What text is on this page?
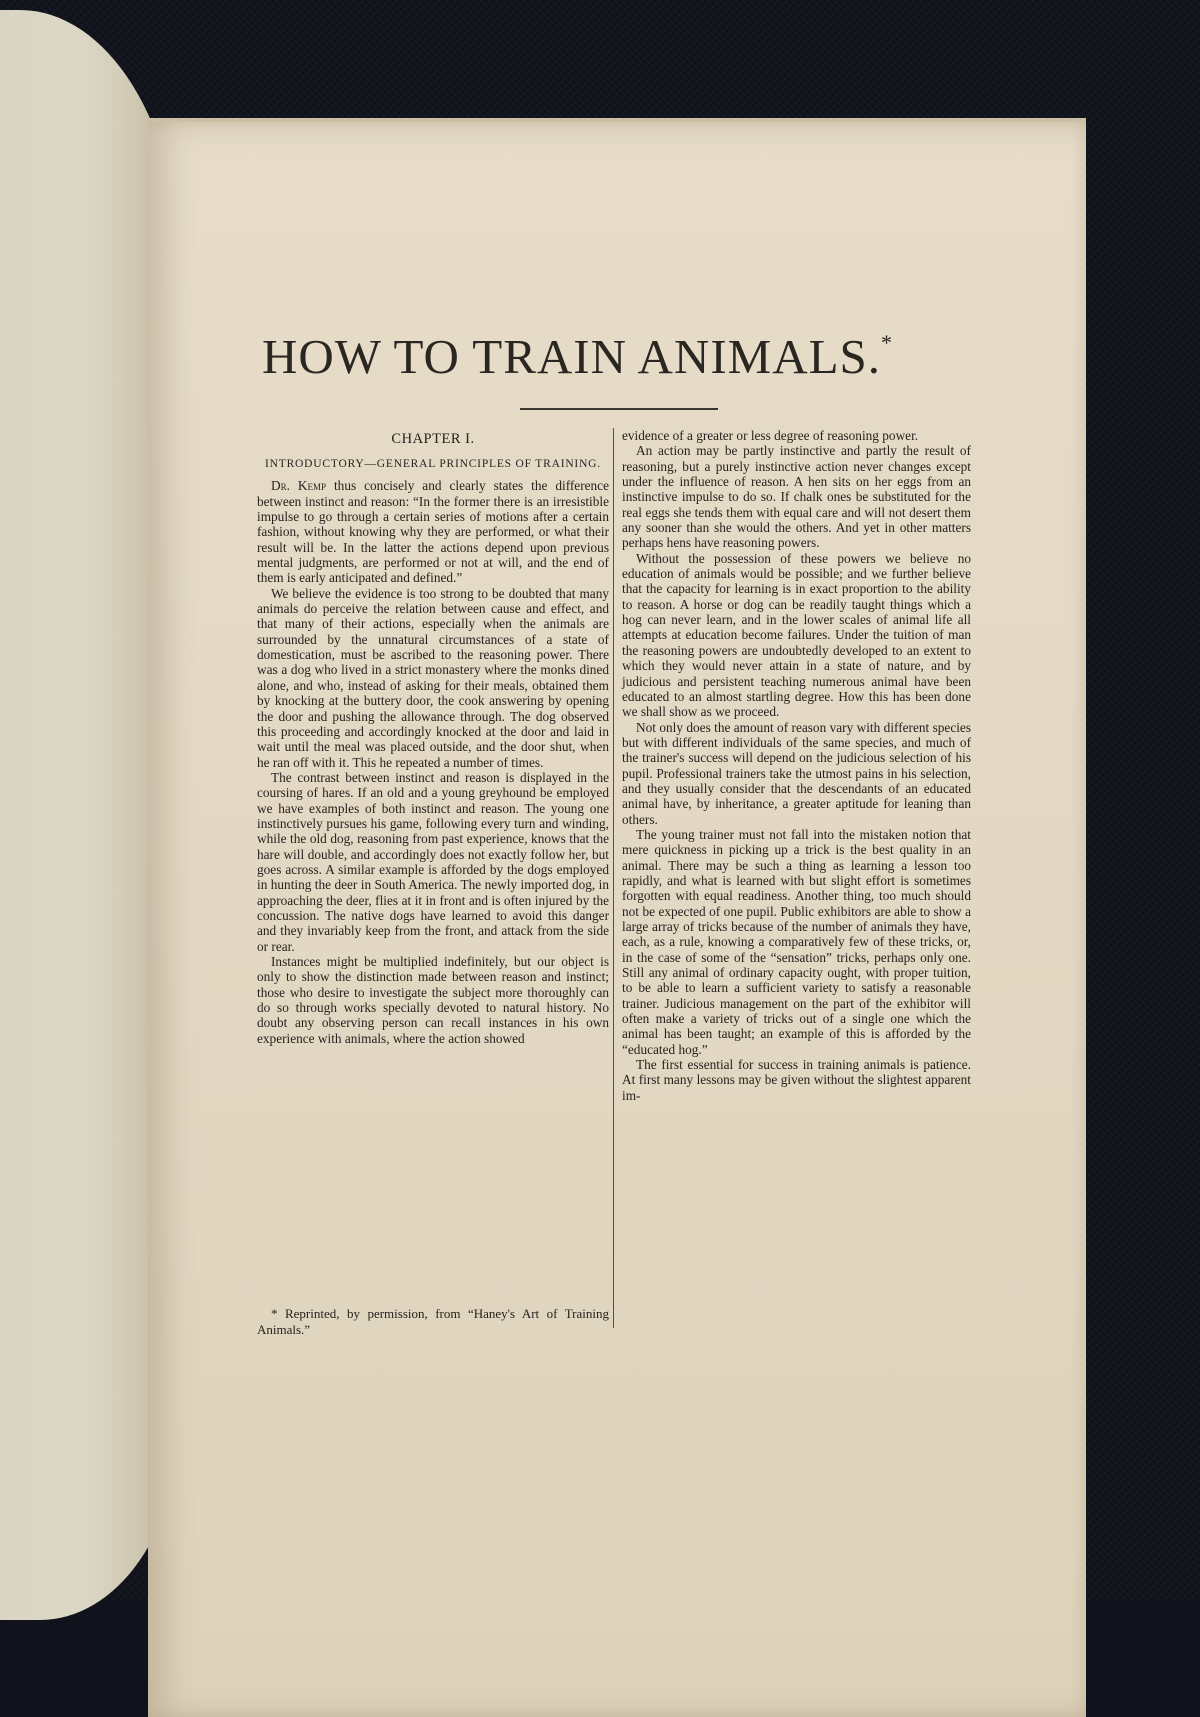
HOW TO TRAIN ANIMALS.*
CHAPTER I.
INTRODUCTORY—GENERAL PRINCIPLES OF TRAINING.

Dr. Kemp thus concisely and clearly states the difference between instinct and reason: “In the former there is an irresistible impulse to go through a certain series of motions after a certain fashion, without knowing why they are performed, or what their result will be. In the latter the actions depend upon previous mental judgments, are performed or not at will, and the end of them is early anticipated and defined.”

We believe the evidence is too strong to be doubted that many animals do perceive the relation between cause and effect, and that many of their actions, especially when the animals are surrounded by the unnatural circumstances of a state of domestication, must be ascribed to the reasoning power. There was a dog who lived in a strict monastery where the monks dined alone, and who, instead of asking for their meals, obtained them by knocking at the buttery door, the cook answering by opening the door and pushing the allowance through. The dog observed this proceeding and accordingly knocked at the door and laid in wait until the meal was placed outside, and the door shut, when he ran off with it. This he repeated a number of times.

The contrast between instinct and reason is displayed in the coursing of hares. If an old and a young greyhound be employed we have examples of both instinct and reason. The young one instinctively pursues his game, following every turn and winding, while the old dog, reasoning from past experience, knows that the hare will double, and accordingly does not exactly follow her, but goes across. A similar example is afforded by the dogs employed in hunting the deer in South America. The newly imported dog, in approaching the deer, flies at it in front and is often injured by the concussion. The native dogs have learned to avoid this danger and they invariably keep from the front, and attack from the side or rear.

Instances might be multiplied indefinitely, but our object is only to show the distinction made between reason and instinct; those who desire to investigate the subject more thoroughly can do so through works specially devoted to natural history. No doubt any observing person can recall instances in his own experience with animals, where the action showed

evidence of a greater or less degree of reasoning power.

An action may be partly instinctive and partly the result of reasoning, but a purely instinctive action never changes except under the influence of reason. A hen sits on her eggs from an instinctive impulse to do so. If chalk ones be substituted for the real eggs she tends them with equal care and will not desert them any sooner than she would the others. And yet in other matters perhaps hens have reasoning powers.

Without the possession of these powers we believe no education of animals would be possible; and we further believe that the capacity for learning is in exact proportion to the ability to reason. A horse or dog can be readily taught things which a hog can never learn, and in the lower scales of animal life all attempts at education become failures. Under the tuition of man the reasoning powers are undoubtedly developed to an extent to which they would never attain in a state of nature, and by judicious and persistent teaching numerous animal have been educated to an almost startling degree. How this has been done we shall show as we proceed.

Not only does the amount of reason vary with different species but with different individuals of the same species, and much of the trainer's success will depend on the judicious selection of his pupil. Professional trainers take the utmost pains in his selection, and they usually consider that the descendants of an educated animal have, by inheritance, a greater aptitude for leaning than others.

The young trainer must not fall into the mistaken notion that mere quickness in picking up a trick is the best quality in an animal. There may be such a thing as learning a lesson too rapidly, and what is learned with but slight effort is sometimes forgotten with equal readiness. Another thing, too much should not be expected of one pupil. Public exhibitors are able to show a large array of tricks because of the number of animals they have, each, as a rule, knowing a comparatively few of these tricks, or, in the case of some of the “sensation” tricks, perhaps only one. Still any animal of ordinary capacity ought, with proper tuition, to be able to learn a sufficient variety to satisfy a reasonable trainer. Judicious management on the part of the exhibitor will often make a variety of tricks out of a single one which the animal has been taught; an example of this is afforded by the “educated hog.”

The first essential for success in training animals is patience. At first many lessons may be given without the slightest apparent im-

* Reprinted, by permission, from “Haney's Art of Training Animals.”
